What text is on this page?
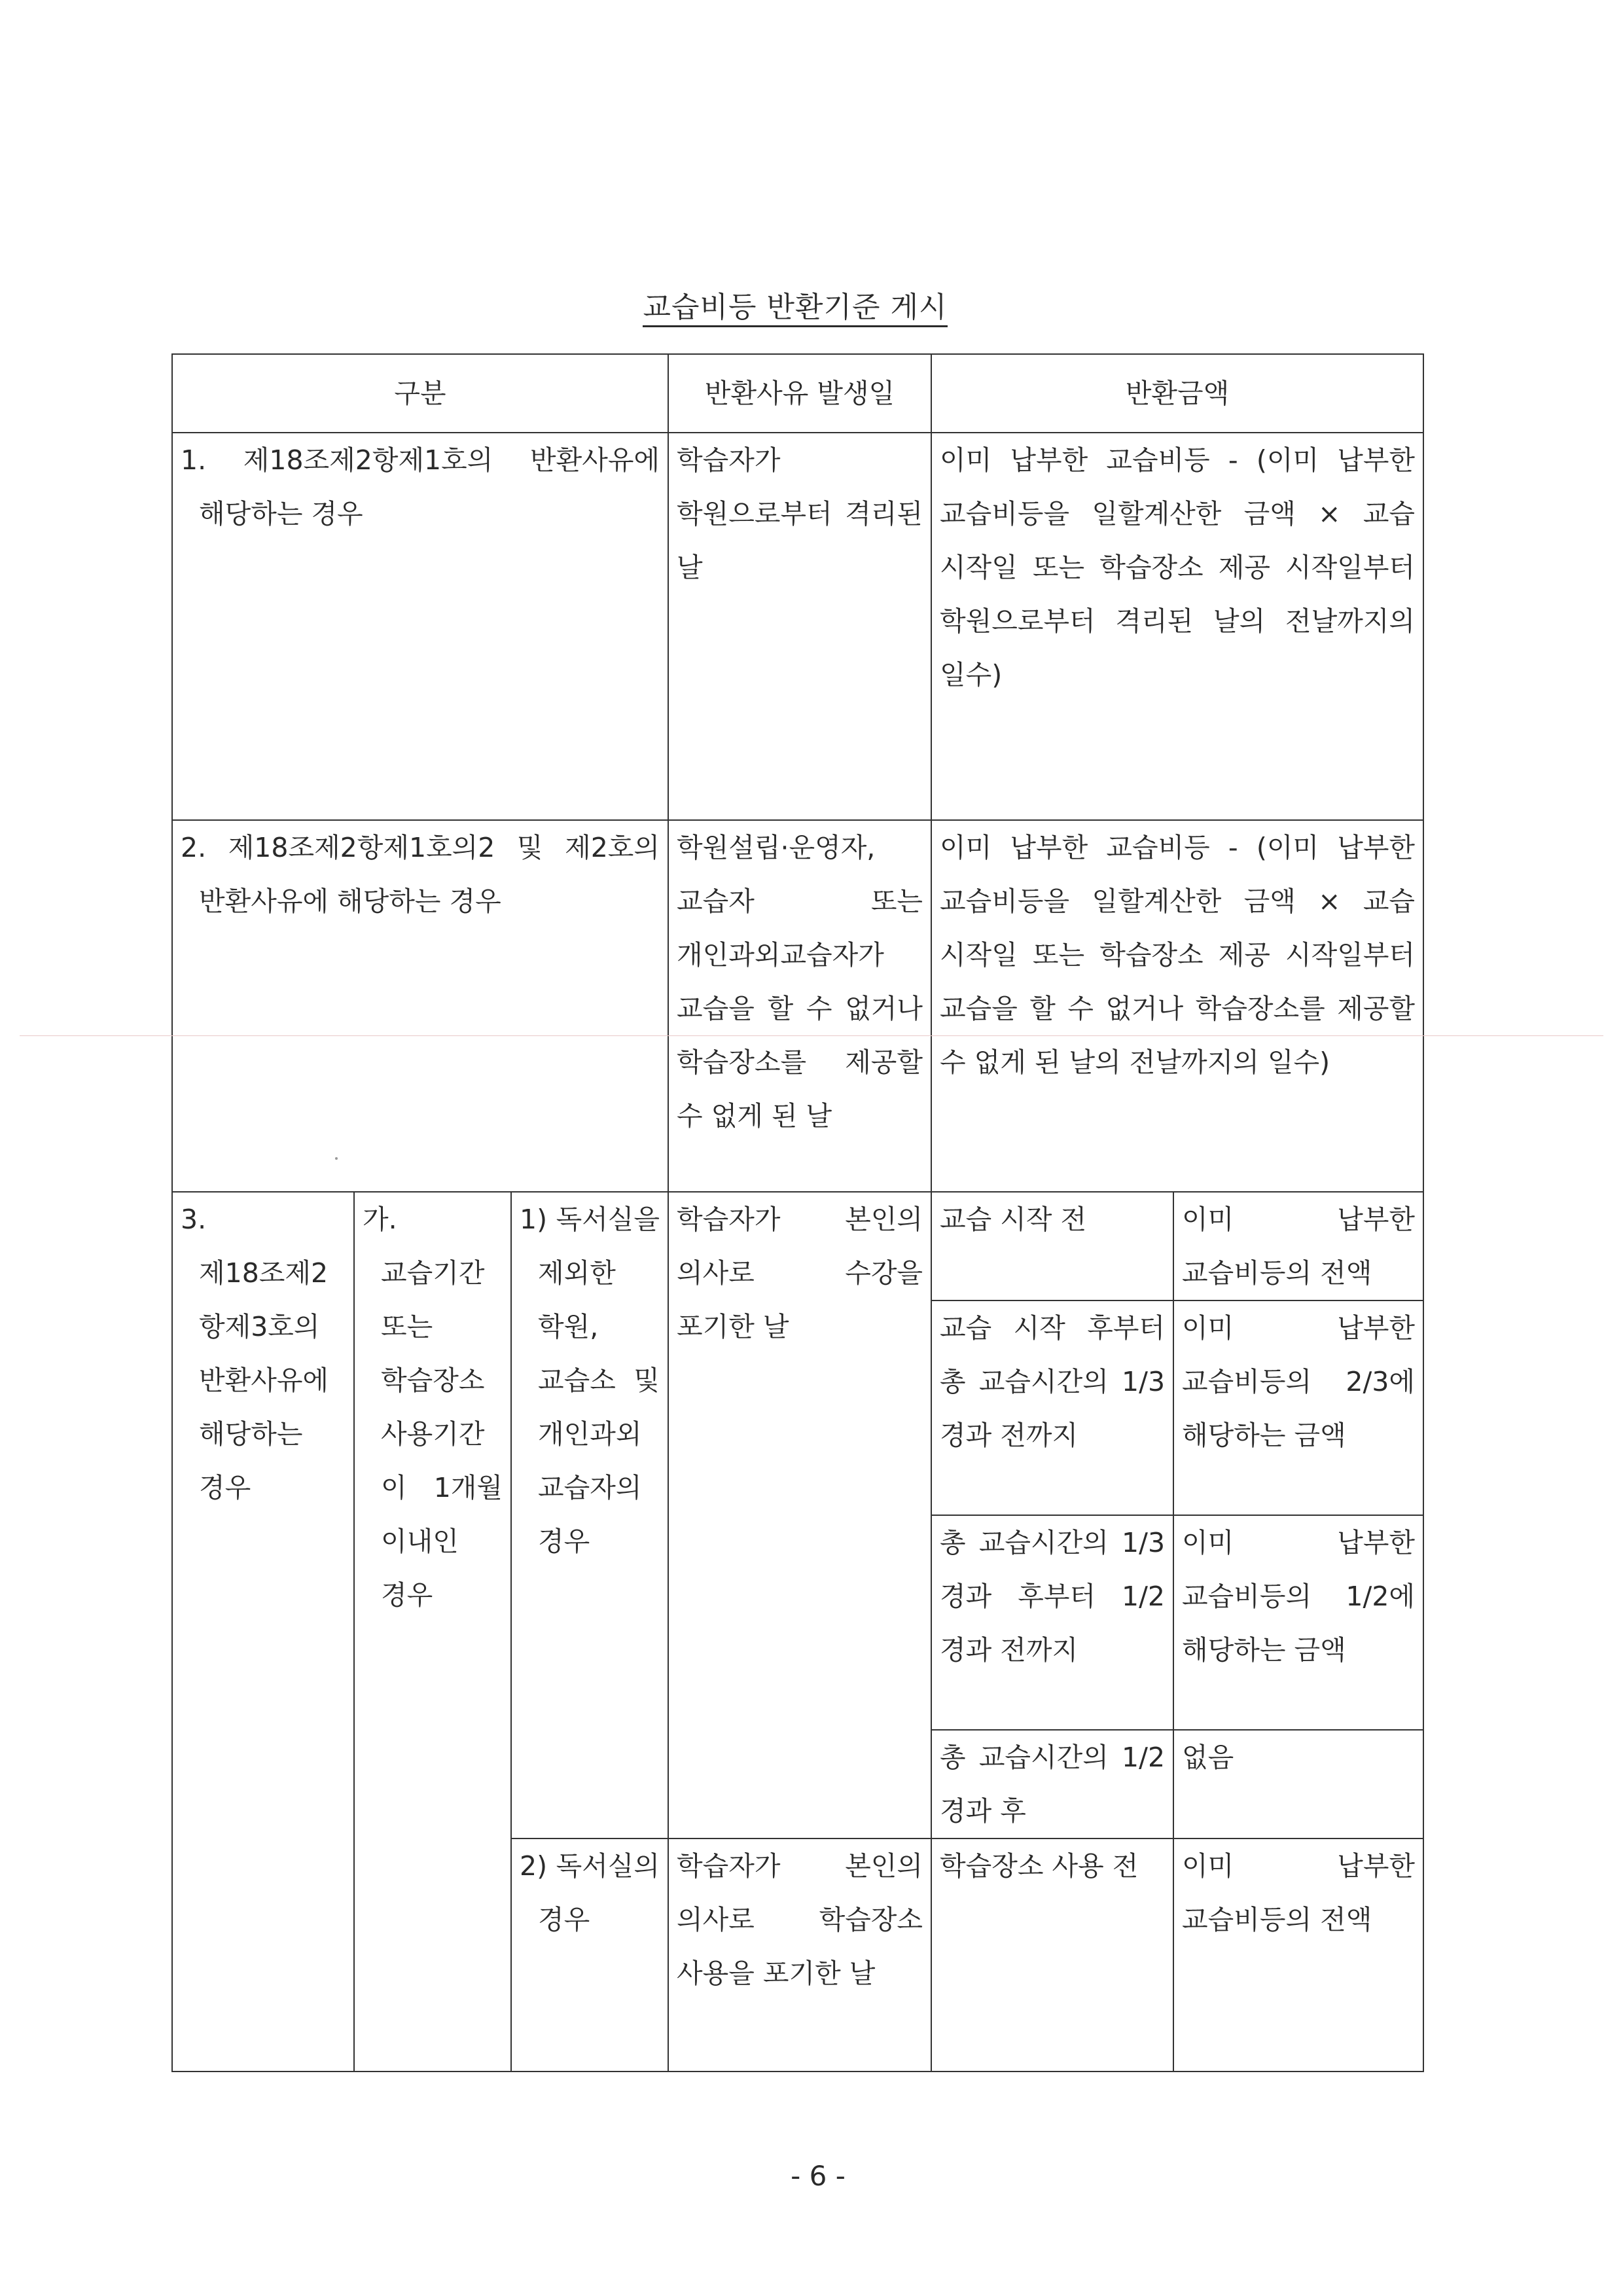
교습비등 반환기준 게시
구분			반환사유 발생일	반환금액	

1. 제18조제2항제1호의 반환사유에 해당하는 경우			학습자가 학원으로부터 격리된 날	이미 납부한 교습비등 - (이미 납부한 교습비등을 일할계산한 금액 × 교습 시작일 또는 학습장소 제공 시작일부터 학원으로부터 격리된 날의 전날까지의 일수)	

2. 제18조제2항제1호의2 및 제2호의 반환사유에 해당하는 경우			학원설립·운영자, 교습자 또는 개인과외교습자가 교습을 할 수 없거나 학습장소를 제공할 수 없게 된 날	이미 납부한 교습비등 - (이미 납부한 교습비등을 일할계산한 금액 × 교습 시작일 또는 학습장소 제공 시작일부터 교습을 할 수 없거나 학습장소를 제공할 수 없게 된 날의 전날까지의 일수)	

3. 제18조제2항제3호의 반환사유에 해당하는 경우	가. 교습기간 또는 학습장소 사용기간이 1개월 이내인 경우	1) 독서실을 제외한 학원, 교습소 및 개인과외 교습자의 경우	학습자가 본인의 의사로 수강을 포기한 날	교습 시작 전	이미 납부한 교습비등의 전액
				교습 시작 후부터 총 교습시간의 1/3 경과 전까지	이미 납부한 교습비등의 2/3에 해당하는 금액
				총 교습시간의 1/3 경과 후부터 1/2 경과 전까지	이미 납부한 교습비등의 1/2에 해당하는 금액
				총 교습시간의 1/2 경과 후	없음

		2) 독서실의 경우	학습자가 본인의 의사로 학습장소 사용을 포기한 날	학습장소 사용 전	이미 납부한 교습비등의 전액
- 6 -
